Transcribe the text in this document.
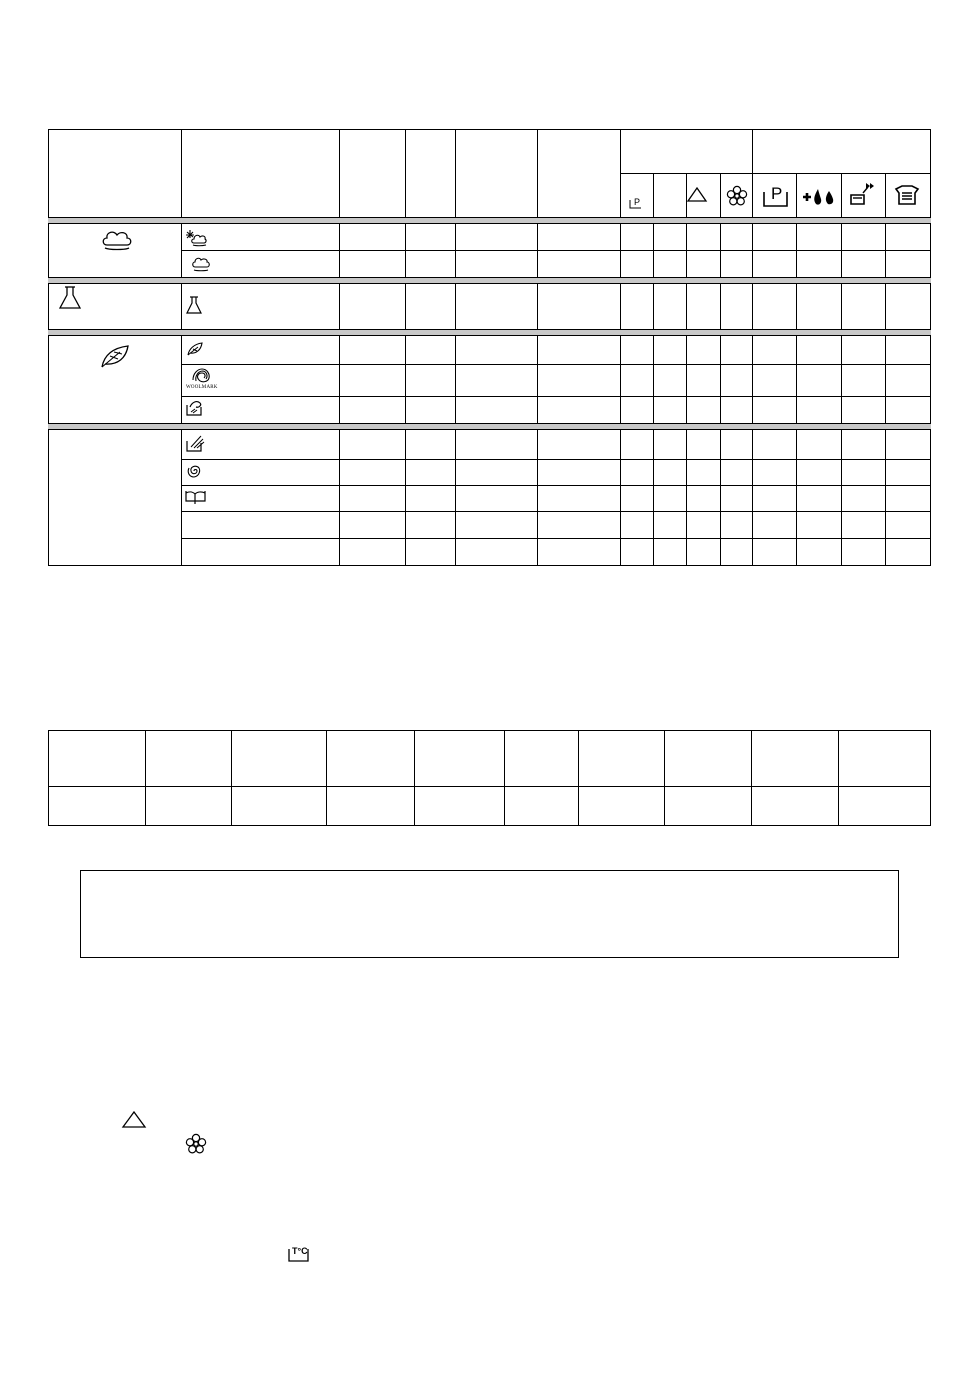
P	P
WOOLMARK
T°C
